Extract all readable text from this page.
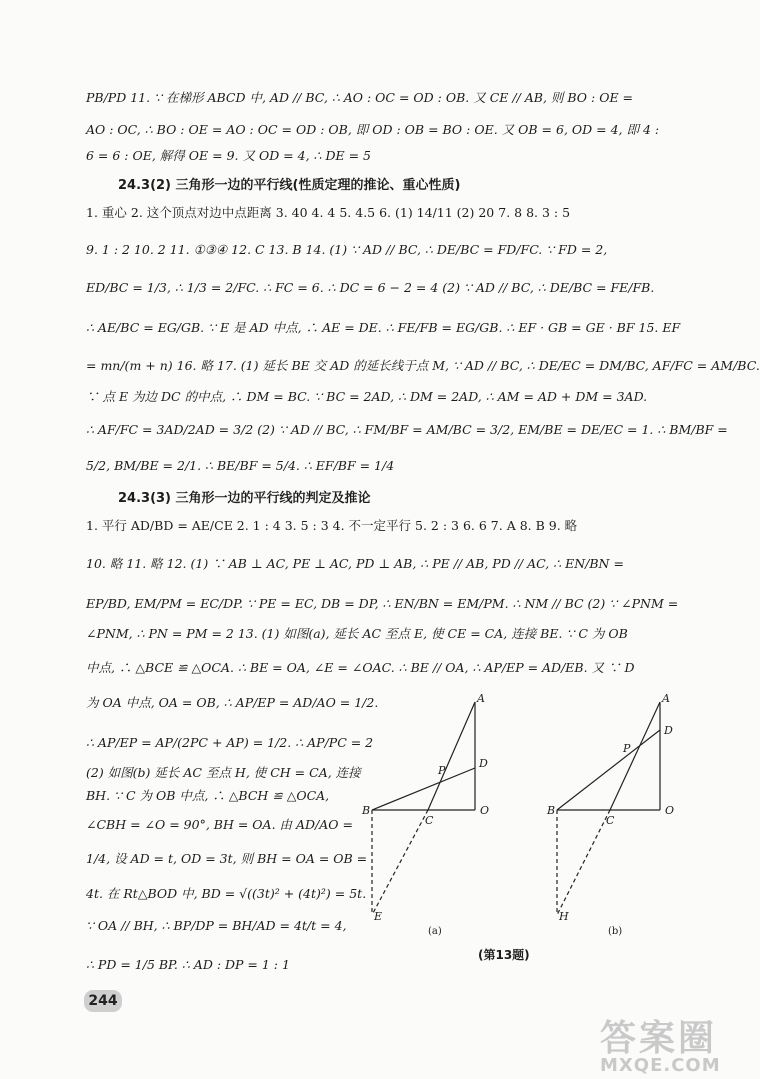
PB/PD 11. ∵ 在梯形 ABCD 中, AD // BC, ∴ AO : OC = OD : OB. 又 CE // AB, 则 BO : OE =
AO : OC, ∴ BO : OE = AO : OC = OD : OB, 即 OD : OB = BO : OE. 又 OB = 6, OD = 4, 即 4 :
6 = 6 : OE, 解得 OE = 9. 又 OD = 4, ∴ DE = 5
24.3(2) 三角形一边的平行线(性质定理的推论、重心性质)
1. 重心 2. 这个顶点对边中点距离 3. 40 4. 4 5. 4.5 6. (1) 14/11 (2) 20 7. 8 8. 3 : 5
9. 1 : 2 10. 2 11. ①③④ 12. C 13. B 14. (1) ∵ AD // BC, ∴ DE/BC = FD/FC. ∵ FD = 2,
ED/BC = 1/3, ∴ 1/3 = 2/FC. ∴ FC = 6. ∴ DC = 6 − 2 = 4 (2) ∵ AD // BC, ∴ DE/BC = FE/FB.
∴ AE/BC = EG/GB. ∵ E 是 AD 中点, ∴ AE = DE. ∴ FE/FB = EG/GB. ∴ EF · GB = GE · BF 15. EF
= mn/(m + n) 16. 略 17. (1) 延长 BE 交 AD 的延长线于点 M, ∵ AD // BC, ∴ DE/EC = DM/BC, AF/FC = AM/BC.
∵ 点 E 为边 DC 的中点, ∴ DM = BC. ∵ BC = 2AD, ∴ DM = 2AD, ∴ AM = AD + DM = 3AD.
∴ AF/FC = 3AD/2AD = 3/2 (2) ∵ AD // BC, ∴ FM/BF = AM/BC = 3/2, EM/BE = DE/EC = 1. ∴ BM/BF =
5/2, BM/BE = 2/1. ∴ BE/BF = 5/4. ∴ EF/BF = 1/4
24.3(3) 三角形一边的平行线的判定及推论
1. 平行 AD/BD = AE/CE 2. 1 : 4 3. 5 : 3 4. 不一定平行 5. 2 : 3 6. 6 7. A 8. B 9. 略
10. 略 11. 略 12. (1) ∵ AB ⊥ AC, PE ⊥ AC, PD ⊥ AB, ∴ PE // AB, PD // AC, ∴ EN/BN =
EP/BD, EM/PM = EC/DP. ∵ PE = EC, DB = DP, ∴ EN/BN = EM/PM. ∴ NM // BC (2) ∵ ∠PNM =
∠PNM, ∴ PN = PM = 2 13. (1) 如图(a), 延长 AC 至点 E, 使 CE = CA, 连接 BE. ∵ C 为 OB
中点, ∴ △BCE ≌ △OCA. ∴ BE = OA, ∠E = ∠OAC. ∴ BE // OA, ∴ AP/EP = AD/EB. 又 ∵ D
为 OA 中点, OA = OB, ∴ AP/EP = AD/AO = 1/2.
∴ AP/EP = AP/(2PC + AP) = 1/2. ∴ AP/PC = 2
(2) 如图(b) 延长 AC 至点 H, 使 CH = CA, 连接
BH. ∵ C 为 OB 中点, ∴ △BCH ≌ △OCA,
∠CBH = ∠O = 90°, BH = OA. 由 AD/AO =
1/4, 设 AD = t, OD = 3t, 则 BH = OA = OB =
4t. 在 Rt△BOD 中, BD = √((3t)² + (4t)²) = 5t.
∵ OA // BH, ∴ BP/DP = BH/AD = 4t/t = 4,
∴ PD = 1/5 BP. ∴ AD : DP = 1 : 1
A
D
P
B
C
O
E
(a)
A
D
P
B
C
O
H
(b)
(第13题)
244
答案圈
MXQE.COM
